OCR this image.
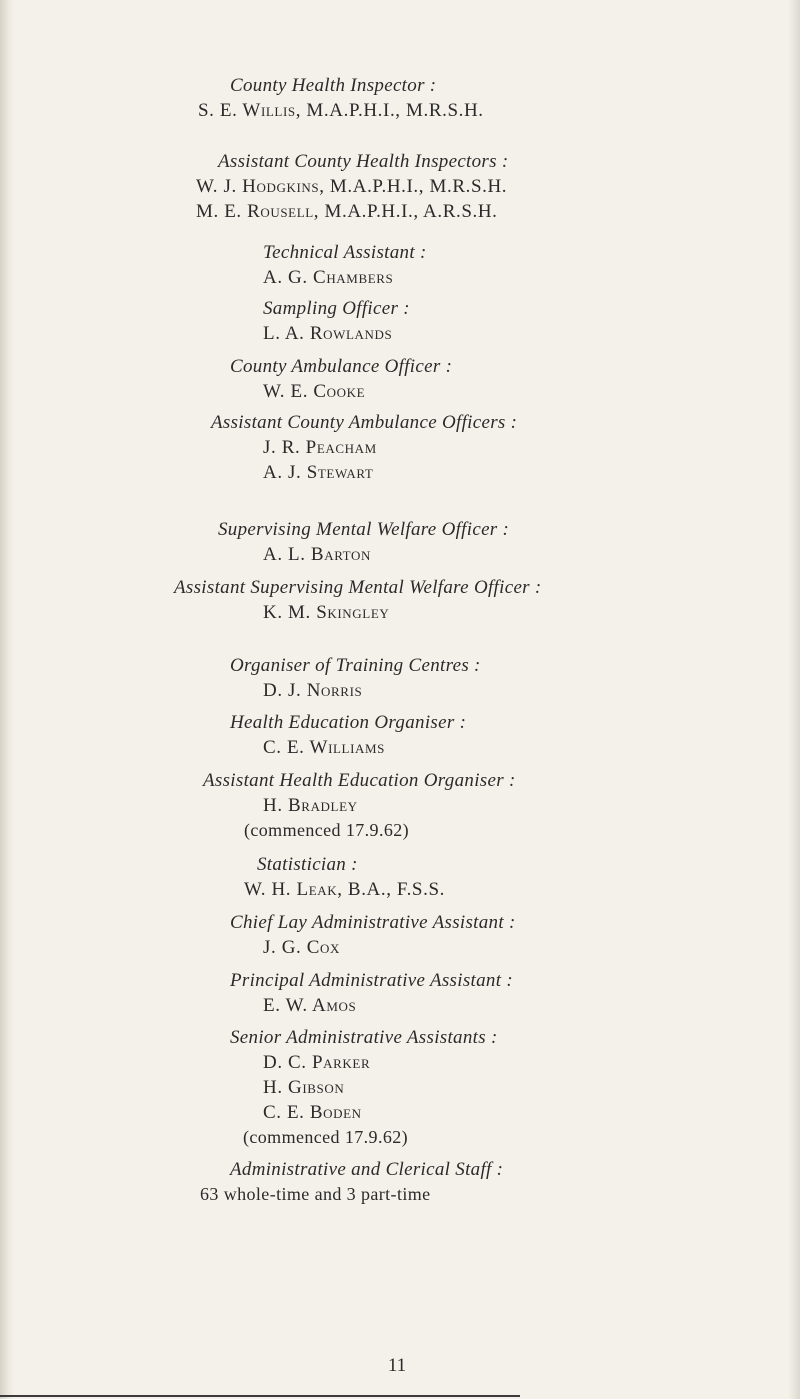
County Health Inspector :
S. E. Willis, M.A.P.H.I., M.R.S.H.
Assistant County Health Inspectors :
W. J. Hodgkins, M.A.P.H.I., M.R.S.H.
M. E. Rousell, M.A.P.H.I., A.R.S.H.
Technical Assistant :
A. G. Chambers
Sampling Officer :
L. A. Rowlands
County Ambulance Officer :
W. E. Cooke
Assistant County Ambulance Officers :
J. R. Peacham
A. J. Stewart
Supervising Mental Welfare Officer :
A. L. Barton
Assistant Supervising Mental Welfare Officer :
K. M. Skingley
Organiser of Training Centres :
D. J. Norris
Health Education Organiser :
C. E. Williams
Assistant Health Education Organiser :
H. Bradley
(commenced 17.9.62)
Statistician :
W. H. Leak, B.A., F.S.S.
Chief Lay Administrative Assistant :
J. G. Cox
Principal Administrative Assistant :
E. W. Amos
Senior Administrative Assistants :
D. C. Parker
H. Gibson
C. E. Boden
(commenced 17.9.62)
Administrative and Clerical Staff :
63 whole-time and 3 part-time
11
